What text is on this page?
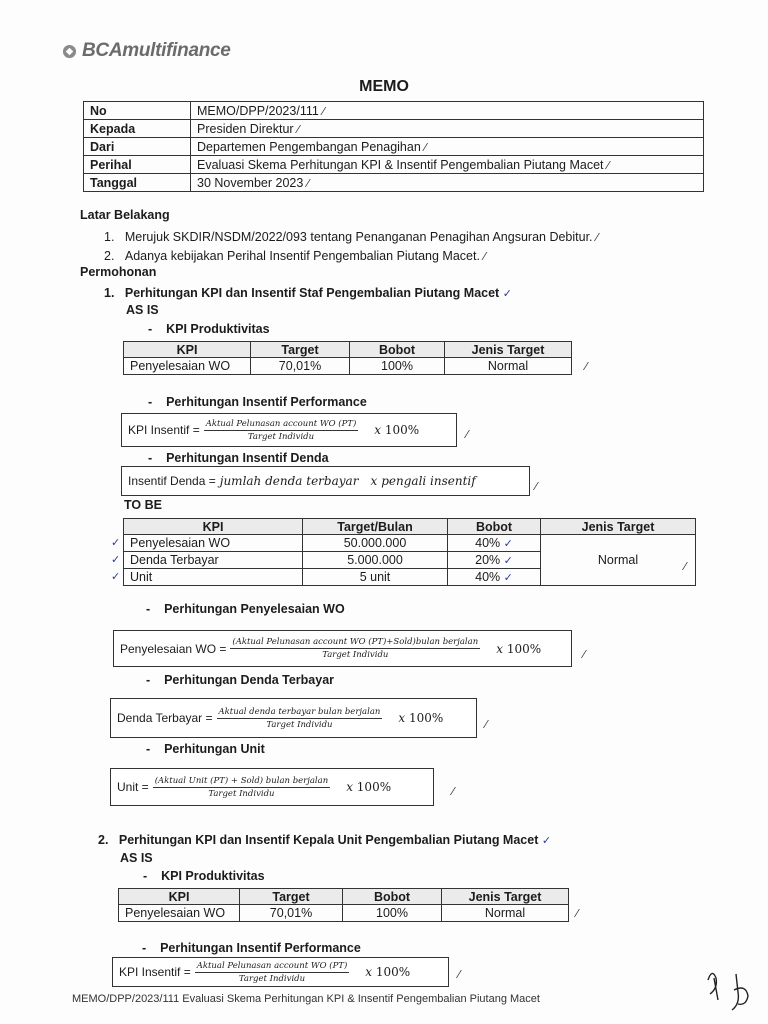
BCAmultifinance
MEMO
No	MEMO/DPP/2023/111 ⁄
Kepada	Presiden Direktur ⁄
Dari	Departemen Pengembangan Penagihan ⁄
Perihal	Evaluasi Skema Perhitungan KPI & Insentif Pengembalian Piutang Macet ⁄
Tanggal	30 November 2023 ⁄
Latar Belakang
1. Merujuk SKDIR/NSDM/2022/093 tentang Penanganan Penagihan Angsuran Debitur. ⁄
2. Adanya kebijakan Perihal Insentif Pengembalian Piutang Macet. ⁄
Permohonan
1. Perhitungan KPI dan Insentif Staf Pengembalian Piutang Macet ✓
AS IS
- KPI Produktivitas
KPI	Target	Bobot	Jenis Target
Penyelesaian WO	70,01%	100%	Normal	⁄
- Perhitungan Insentif Performance
KPI Insentif = $\frac{\text{Aktual Pelunasan account WO (PT)}}{\text{Target Individu}}$ x 100%	⁄
- Perhitungan Insentif Denda
Insentif Denda = jumlah denda terbayar x pengali insentif	⁄
TO BE
KPI	Target/Bulan	Bobot	Jenis Target
Penyelesaian WO	50.000.000	40% ✓	Normal
Denda Terbayar	5.000.000	20% ✓	
Unit	5 unit	40% ✓	
✓
✓
✓
⁄
- Perhitungan Penyelesaian WO
Penyelesaian WO = $\frac{\text{(Aktual Pelunasan account WO (PT)+Sold)bulan berjalan}}{\text{Target Individu}}$ x 100%	⁄
- Perhitungan Denda Terbayar
Denda Terbayar = $\frac{\text{Aktual denda terbayar bulan berjalan}}{\text{Target Individu}}$ x 100%	⁄
- Perhitungan Unit
Unit = $\frac{\text{(Aktual Unit (PT) + Sold) bulan berjalan}}{\text{Target Individu}}$ x 100%	⁄
2. Perhitungan KPI dan Insentif Kepala Unit Pengembalian Piutang Macet ✓
AS IS
- KPI Produktivitas
KPI	Target	Bobot	Jenis Target
Penyelesaian WO	70,01%	100%	Normal	⁄
- Perhitungan Insentif Performance
KPI Insentif = $\frac{\text{Aktual Pelunasan account WO (PT)}}{\text{Target Individu}}$ x 100%	⁄
MEMO/DPP/2023/111 Evaluasi Skema Perhitungan KPI & Insentif Pengembalian Piutang Macet
